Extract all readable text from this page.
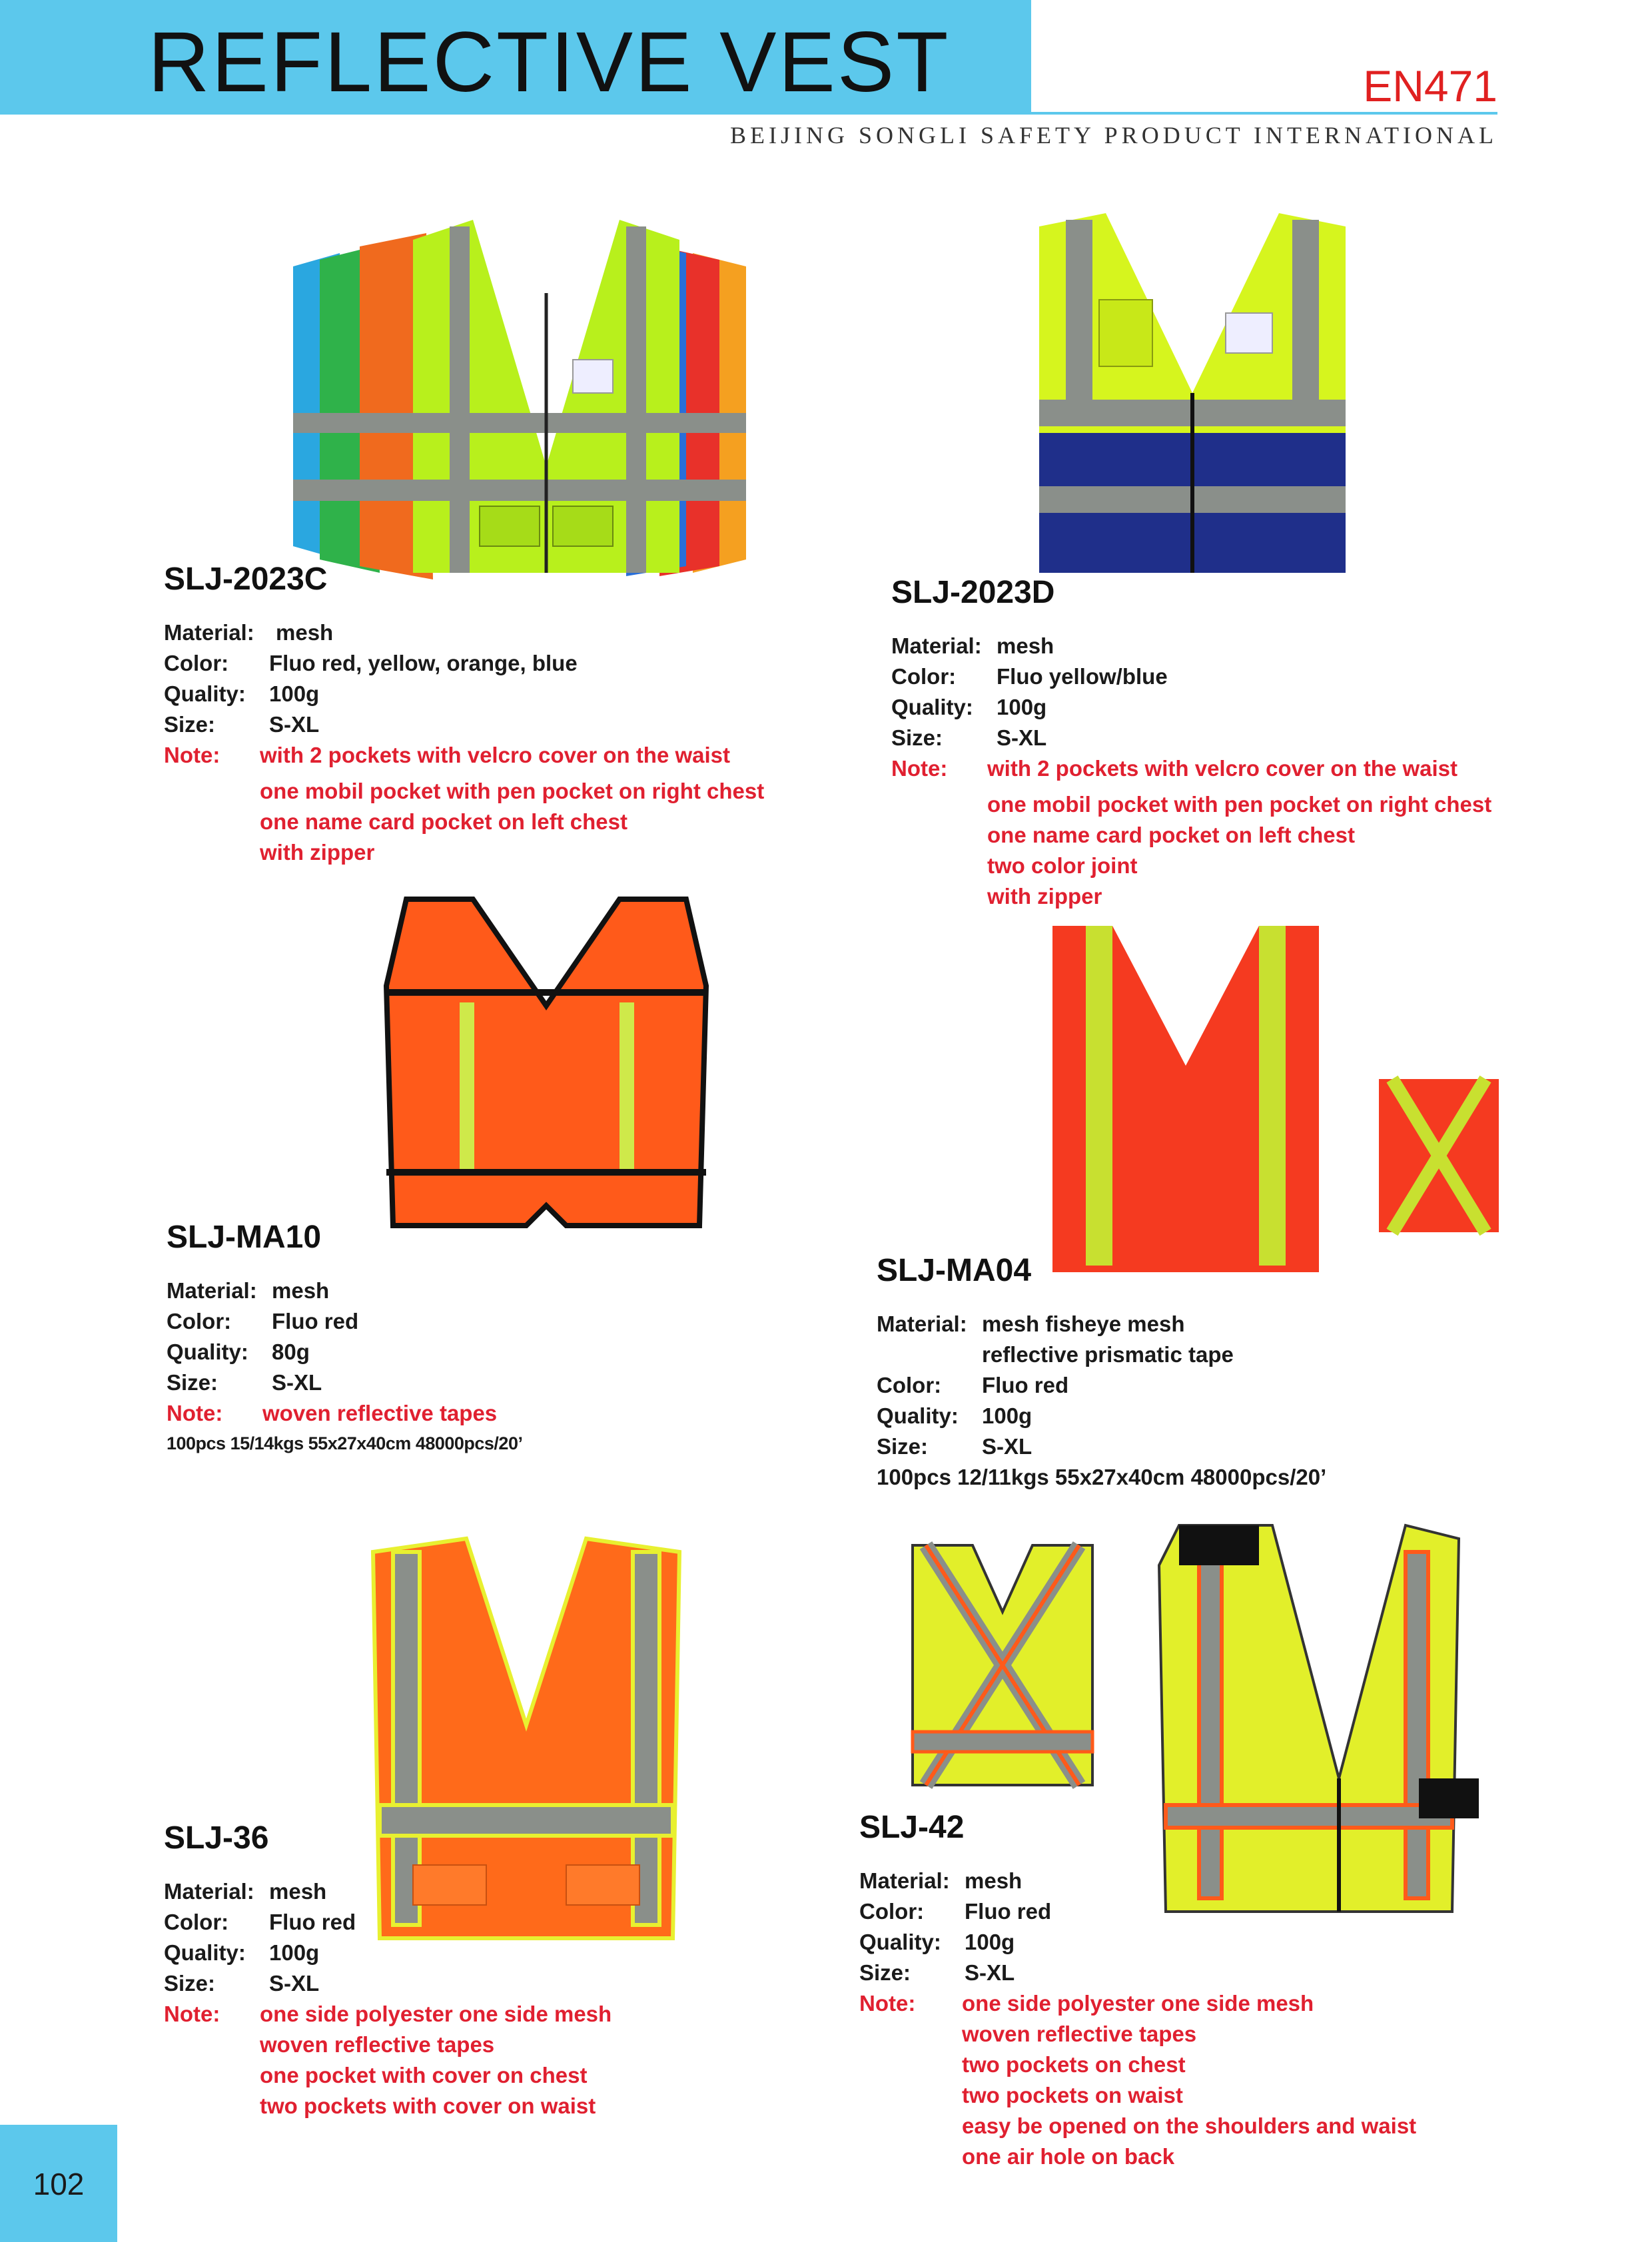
REFLECTIVE VEST	EN471
BEIJING SONGLI SAFETY PRODUCT INTERNATIONAL
SLJ-2023C
Material: mesh
Color:	Fluo red, yellow, orange, blue
Quality:	100g
Size:	S-XL
Note:	with 2 pockets with velcro cover on the waist
one mobil pocket with pen pocket on right chest
one name card pocket on left chest
with zipper
SLJ-2023D
Material: mesh
Color:	Fluo yellow/blue
Quality:	100g
Size:	S-XL
Note:	with 2 pockets with velcro cover on the waist
one mobil pocket with pen pocket on right chest
one name card pocket on left chest
two color joint
with zipper
SLJ-MA10
Material: mesh
Color:	Fluo red
Quality:	80g
Size:	S-XL
Note:	woven reflective tapes
100pcs 15/14kgs 55x27x40cm 48000pcs/20’
SLJ-MA04
Material: mesh fisheye mesh
reflective prismatic tape
Color:	Fluo red
Quality:	100g
Size:	S-XL
100pcs 12/11kgs 55x27x40cm 48000pcs/20’
SLJ-36
Material: mesh
Color:	Fluo red
Quality:	100g
Size:	S-XL
Note:	one side polyester one side mesh
woven reflective tapes
one pocket with cover on chest
two pockets with cover on waist
SLJ-42
Material: mesh
Color:	Fluo red
Quality:	100g
Size:	S-XL
Note:	one side polyester one side mesh
woven reflective tapes
two pockets on chest
two pockets on waist
easy be opened on the shoulders and waist
one air hole on back
102
